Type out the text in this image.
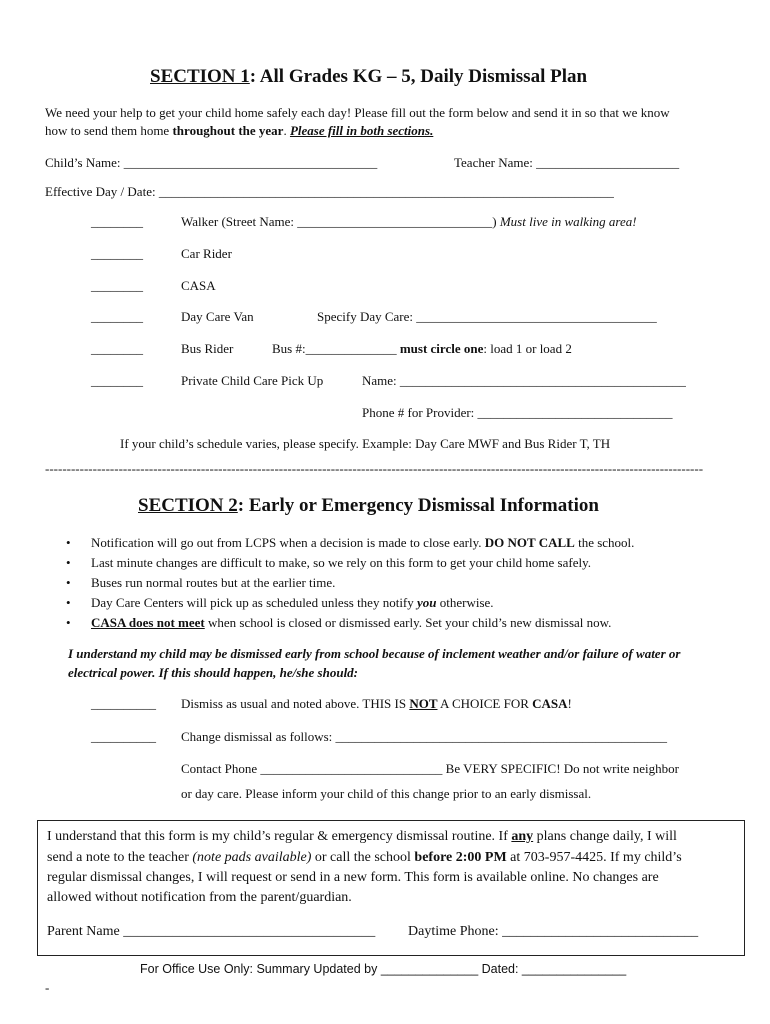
SECTION 1: All Grades KG – 5, Daily Dismissal Plan
We need your help to get your child home safely each day! Please fill out the form below and send it in so that we know
how to send them home throughout the year. Please fill in both sections.
Child’s Name: _______________________________________	Teacher Name: ______________________
Effective Day / Date: ______________________________________________________________________
________	Walker (Street Name: ______________________________) Must live in walking area!
________	Car Rider
________	CASA
________	Day Care Van	Specify Day Care: _____________________________________
________	Bus Rider	Bus #:______________ must circle one: load 1 or load 2
________	Private Child Care Pick Up	Name: ____________________________________________
Phone # for Provider: ______________________________
If your child’s schedule varies, please specify. Example: Day Care MWF and Bus Rider T, TH
--------------------------------------------------------------------------------------------------------------------------------------------------------
SECTION 2: Early or Emergency Dismissal Information
• Notification will go out from LCPS when a decision is made to close early. DO NOT CALL the school.
• Last minute changes are difficult to make, so we rely on this form to get your child home safely.
• Buses run normal routes but at the earlier time.
• Day Care Centers will pick up as scheduled unless they notify you otherwise.
• CASA does not meet when school is closed or dismissed early. Set your child’s new dismissal now.
I understand my child may be dismissed early from school because of inclement weather and/or failure of water or
electrical power. If this should happen, he/she should:
__________ Dismiss as usual and noted above. THIS IS NOT A CHOICE FOR CASA!
__________ Change dismissal as follows: ___________________________________________________
Contact Phone ____________________________ Be VERY SPECIFIC! Do not write neighbor
or day care. Please inform your child of this change prior to an early dismissal.
I understand that this form is my child’s regular & emergency dismissal routine. If any plans change daily, I will
send a note to the teacher (note pads available) or call the school before 2:00 PM at 703-957-4425. If my child’s
regular dismissal changes, I will request or send in a new form. This form is available online. No changes are
allowed without notification from the parent/guardian.
Parent Name ____________________________________ Daytime Phone: ____________________________
For Office Use Only: Summary Updated by ______________ Dated: _______________
-
